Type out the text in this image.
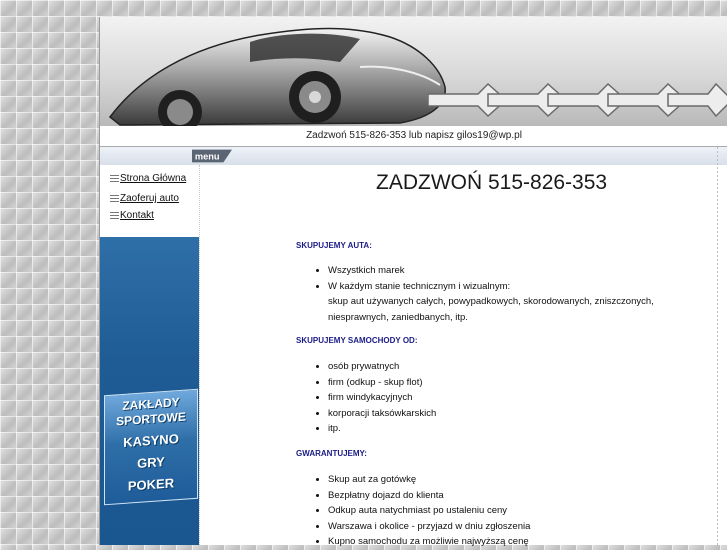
Zadzwoń 515-826-353 lub napisz gilos19@wp.pl
menu
Strona Główna
Zaoferuj auto
Kontakt
ZAKŁADY
SPORTOWE
KASYNO
GRY
POKER
ZADZWOŃ 515-826-353
SKUPUJEMY AUTA:
• Wszystkich marek
• W każdym stanie technicznym i wizualnym:
skup aut używanych całych, powypadkowych, skorodowanych, zniszczonych,
niesprawnych, zaniedbanych, itp.
SKUPUJEMY SAMOCHODY OD:
• osób prywatnych
• firm (odkup - skup flot)
• firm windykacyjnych
• korporacji taksówkarskich
• itp.
GWARANTUJEMY:
• Skup aut za gotówkę
• Bezpłatny dojazd do klienta
• Odkup auta natychmiast po ustaleniu ceny
• Warszawa i okolice - przyjazd w dniu zgłoszenia
• Kupno samochodu za możliwie najwyższą cenę
